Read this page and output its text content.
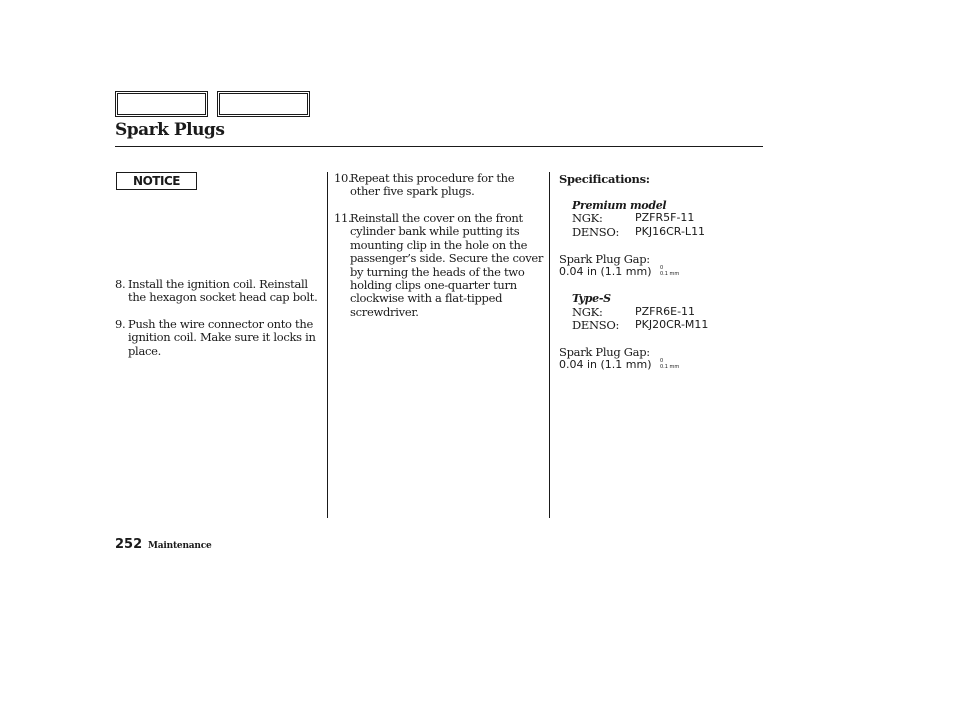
Spark Plugs
NOTICE
8. Install the ignition coil. Reinstall the hexagon socket head cap bolt.
9. Push the wire connector onto the ignition coil. Make sure it locks in place.
10.
Repeat this procedure for the other five spark plugs.
11.
Reinstall the cover on the front cylinder bank while putting its mounting clip in the hole on the passenger’s side. Secure the cover by turning the heads of the two holding clips one-quarter turn clockwise with a flat-tipped screwdriver.
Specifications:
Premium model
NGK:	PZFR5F-11
DENSO: PKJ16CR-L11
Spark Plug Gap:
0.04 in (1.1 mm) 0
0.1 mm
Type-S
NGK:	PZFR6E-11
DENSO: PKJ20CR-M11
Spark Plug Gap:
0.04 in (1.1 mm) 0
0.1 mm
252 Maintenance
